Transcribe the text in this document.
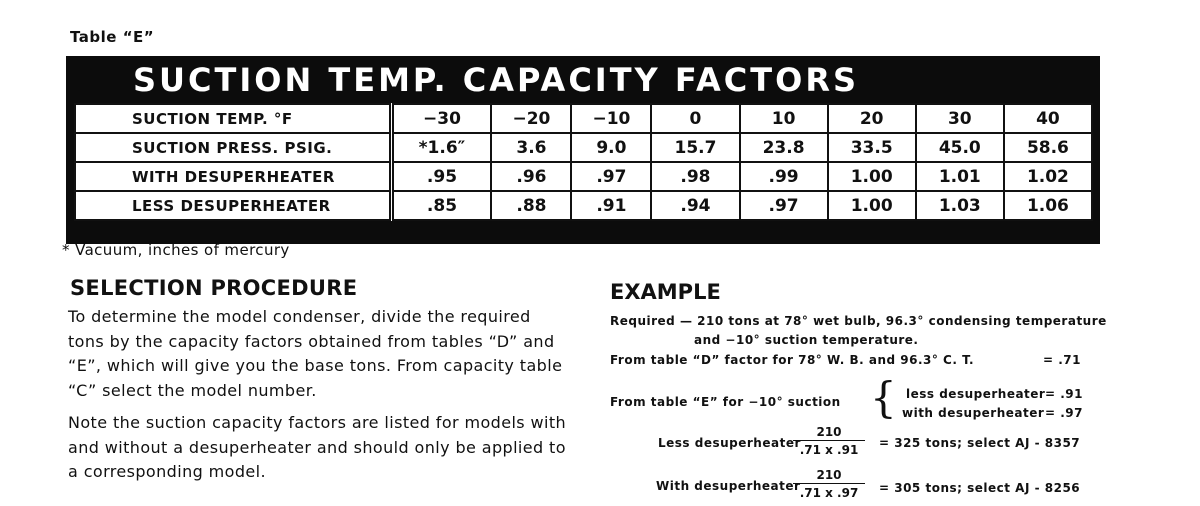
Table “E”
SUCTION TEMP. CAPACITY FACTORS
SUCTION TEMP. °F	−30	−20	−10	0	10	20	30	40
SUCTION PRESS. PSIG.	*1.6″	3.6	9.0	15.7	23.8	33.5	45.0	58.6
WITH DESUPERHEATER	.95	.96	.97	.98	.99	1.00	1.01	1.02
LESS DESUPERHEATER	.85	.88	.91	.94	.97	1.00	1.03	1.06
* Vacuum, inches of mercury
SELECTION PROCEDURE
To determine the model condenser, divide the required tons by the capacity factors obtained from tables “D” and “E”, which will give you the base tons. From capacity table “C” select the model number.
Note the suction capacity factors are listed for models with and without a desuperheater and should only be applied to a corresponding model.
EXAMPLE
Required — 210 tons at 78° wet bulb, 96.3° condensing temperature
and −10° suction temperature.
From table “D” factor for 78° W. B. and 96.3° C. T.	= .71
From table “E” for −10° suction { less desuperheater = .91
with desuperheater = .97
Less desuperheater
$\frac{210}{.71 x .91} = 325$ tons; select AJ - 8357
With desuperheater
$\frac{210}{.71 x .97} = 305$ tons; select AJ - 8256
